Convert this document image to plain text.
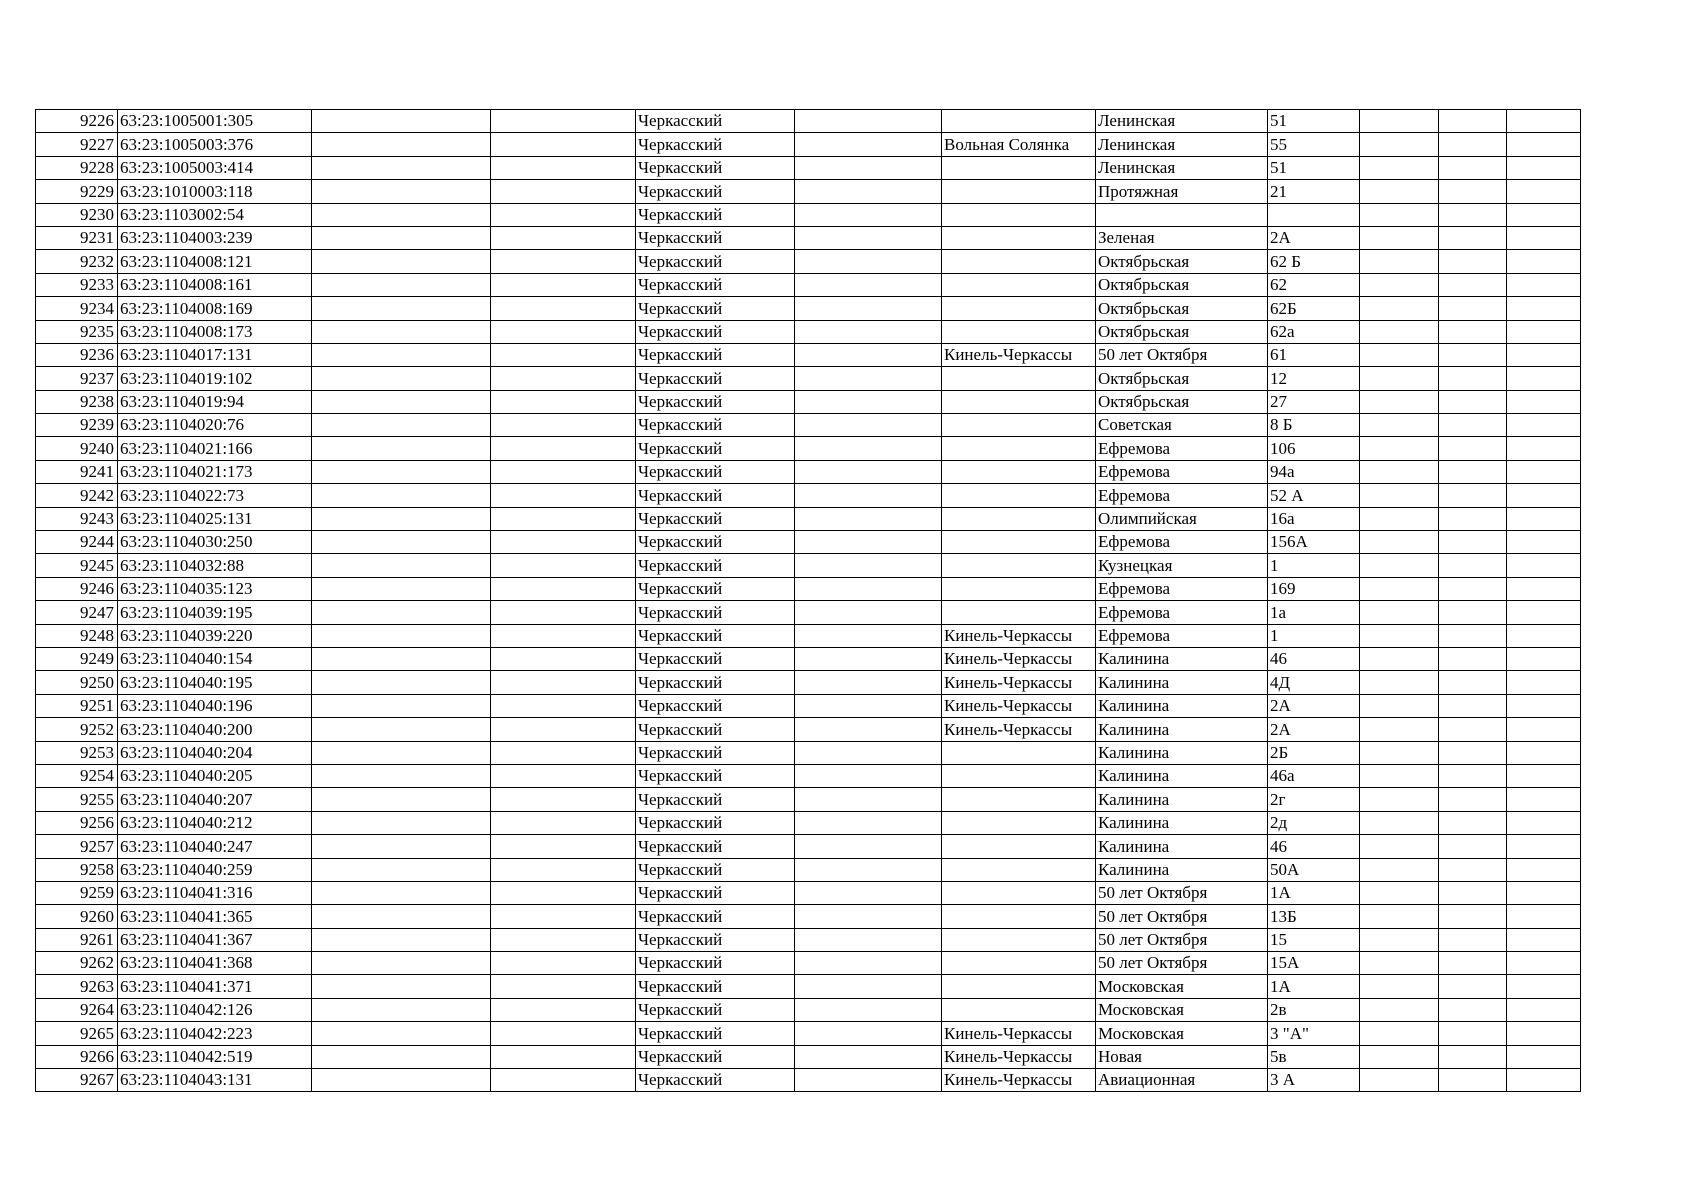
9226	63:23:1005001:305			Черкасский			Ленинская	51			
9227	63:23:1005003:376			Черкасский		Вольная Солянка	Ленинская	55			
9228	63:23:1005003:414			Черкасский			Ленинская	51			
9229	63:23:1010003:118			Черкасский			Протяжная	21			
9230	63:23:1103002:54			Черкасский							
9231	63:23:1104003:239			Черкасский			Зеленая	2А			
9232	63:23:1104008:121			Черкасский			Октябрьская	62 Б			
9233	63:23:1104008:161			Черкасский			Октябрьская	62			
9234	63:23:1104008:169			Черкасский			Октябрьская	62Б			
9235	63:23:1104008:173			Черкасский			Октябрьская	62а			
9236	63:23:1104017:131			Черкасский		Кинель-Черкассы	50 лет Октября	61			
9237	63:23:1104019:102			Черкасский			Октябрьская	12			
9238	63:23:1104019:94			Черкасский			Октябрьская	27			
9239	63:23:1104020:76			Черкасский			Советская	8 Б			
9240	63:23:1104021:166			Черкасский			Ефремова	106			
9241	63:23:1104021:173			Черкасский			Ефремова	94а			
9242	63:23:1104022:73			Черкасский			Ефремова	52 А			
9243	63:23:1104025:131			Черкасский			Олимпийская	16а			
9244	63:23:1104030:250			Черкасский			Ефремова	156А			
9245	63:23:1104032:88			Черкасский			Кузнецкая	1			
9246	63:23:1104035:123			Черкасский			Ефремова	169			
9247	63:23:1104039:195			Черкасский			Ефремова	1а			
9248	63:23:1104039:220			Черкасский		Кинель-Черкассы	Ефремова	1			
9249	63:23:1104040:154			Черкасский		Кинель-Черкассы	Калинина	46			
9250	63:23:1104040:195			Черкасский		Кинель-Черкассы	Калинина	4Д			
9251	63:23:1104040:196			Черкасский		Кинель-Черкассы	Калинина	2А			
9252	63:23:1104040:200			Черкасский		Кинель-Черкассы	Калинина	2А			
9253	63:23:1104040:204			Черкасский			Калинина	2Б			
9254	63:23:1104040:205			Черкасский			Калинина	46а			
9255	63:23:1104040:207			Черкасский			Калинина	2г			
9256	63:23:1104040:212			Черкасский			Калинина	2д			
9257	63:23:1104040:247			Черкасский			Калинина	46			
9258	63:23:1104040:259			Черкасский			Калинина	50А			
9259	63:23:1104041:316			Черкасский			50 лет Октября	1А			
9260	63:23:1104041:365			Черкасский			50 лет Октября	13Б			
9261	63:23:1104041:367			Черкасский			50 лет Октября	15			
9262	63:23:1104041:368			Черкасский			50 лет Октября	15А			
9263	63:23:1104041:371			Черкасский			Московская	1А			
9264	63:23:1104042:126			Черкасский			Московская	2в			
9265	63:23:1104042:223			Черкасский		Кинель-Черкассы	Московская	3 "А"			
9266	63:23:1104042:519			Черкасский		Кинель-Черкассы	Новая	5в			
9267	63:23:1104043:131			Черкасский		Кинель-Черкассы	Авиационная	3 А			
